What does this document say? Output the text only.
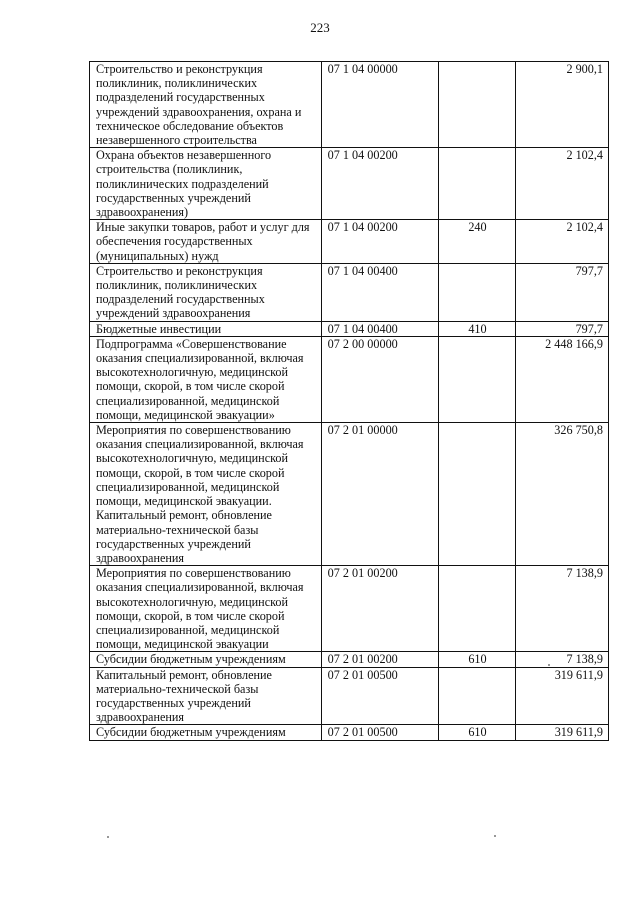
223
Строительство и реконструкция поликлиник, поликлинических подразделений государственных учреждений здравоохранения, охрана и техническое обследование объектов незавершенного строительства	07 1 04 00000		2 900,1
Охрана объектов незавершенного строительства (поликлиник, поликлинических подразделений государственных учреждений здравоохранения)	07 1 04 00200		2 102,4
Иные закупки товаров, работ и услуг для обеспечения государственных (муниципальных) нужд	07 1 04 00200	240	2 102,4
Строительство и реконструкция поликлиник, поликлинических подразделений государственных учреждений здравоохранения	07 1 04 00400		797,7
Бюджетные инвестиции	07 1 04 00400	410	797,7
Подпрограмма «Совершенствование оказания специализированной, включая высокотехнологичную, медицинской помощи, скорой, в том числе скорой специализированной, медицинской помощи, медицинской эвакуации»	07 2 00 00000		2 448 166,9
Мероприятия по совершенствованию оказания специализированной, включая высокотехнологичную, медицинской помощи, скорой, в том числе скорой специализированной, медицинской помощи, медицинской эвакуации. Капитальный ремонт, обновление материально-технической базы государственных учреждений здравоохранения	07 2 01 00000		326 750,8
Мероприятия по совершенствованию оказания специализированной, включая высокотехнологичную, медицинской помощи, скорой, в том числе скорой специализированной, медицинской помощи, медицинской эвакуации	07 2 01 00200		7 138,9
Субсидии бюджетным учреждениям	07 2 01 00200	610	7 138,9
Капитальный ремонт, обновление материально-технической базы государственных учреждений здравоохранения	07 2 01 00500		319 611,9
Субсидии бюджетным учреждениям	07 2 01 00500	610	319 611,9
